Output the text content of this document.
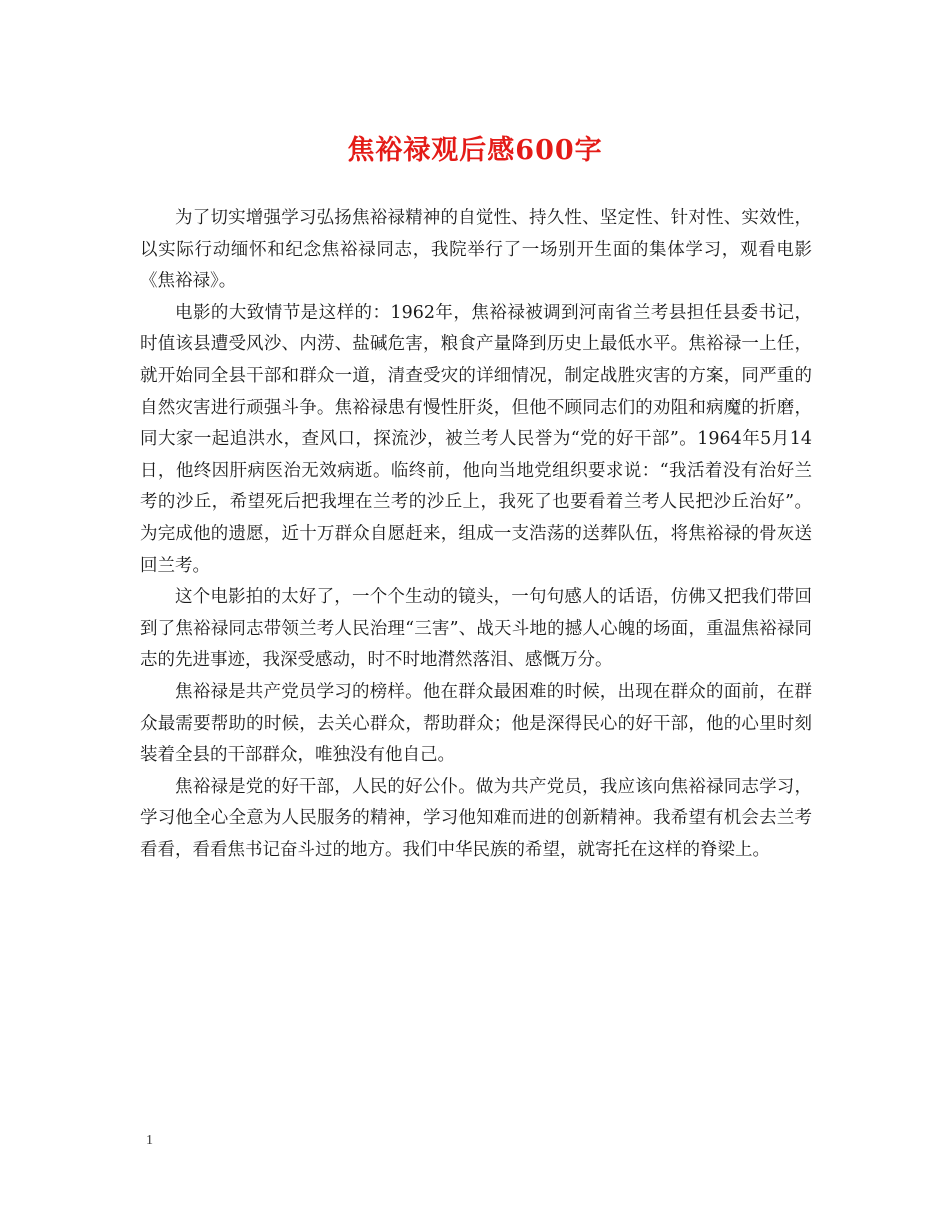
焦裕禄观后感600字

为了切实增强学习弘扬焦裕禄精神的自觉性、持久性、坚定性、针对性、实效性，以实际行动缅怀和纪念焦裕禄同志，我院举行了一场别开生面的集体学习，观看电影《焦裕禄》。

电影的大致情节是这样的：1962年，焦裕禄被调到河南省兰考县担任县委书记，时值该县遭受风沙、内涝、盐碱危害，粮食产量降到历史上最低水平。焦裕禄一上任，就开始同全县干部和群众一道，清查受灾的详细情况，制定战胜灾害的方案，同严重的自然灾害进行顽强斗争。焦裕禄患有慢性肝炎，但他不顾同志们的劝阻和病魔的折磨，同大家一起追洪水，查风口，探流沙，被兰考人民誉为“党的好干部”。1964年5月14日，他终因肝病医治无效病逝。临终前，他向当地党组织要求说：“我活着没有治好兰考的沙丘，希望死后把我埋在兰考的沙丘上，我死了也要看着兰考人民把沙丘治好”。为完成他的遗愿，近十万群众自愿赶来，组成一支浩荡的送葬队伍，将焦裕禄的骨灰送回兰考。

这个电影拍的太好了，一个个生动的镜头，一句句感人的话语，仿佛又把我们带回到了焦裕禄同志带领兰考人民治理“三害”、战天斗地的撼人心魄的场面，重温焦裕禄同志的先进事迹，我深受感动，时不时地潸然落泪、感慨万分。

焦裕禄是共产党员学习的榜样。他在群众最困难的时候，出现在群众的面前，在群众最需要帮助的时候，去关心群众，帮助群众；他是深得民心的好干部，他的心里时刻装着全县的干部群众，唯独没有他自己。

焦裕禄是党的好干部，人民的好公仆。做为共产党员，我应该向焦裕禄同志学习，学习他全心全意为人民服务的精神，学习他知难而进的创新精神。我希望有机会去兰考看看，看看焦书记奋斗过的地方。我们中华民族的希望，就寄托在这样的脊梁上。

1
